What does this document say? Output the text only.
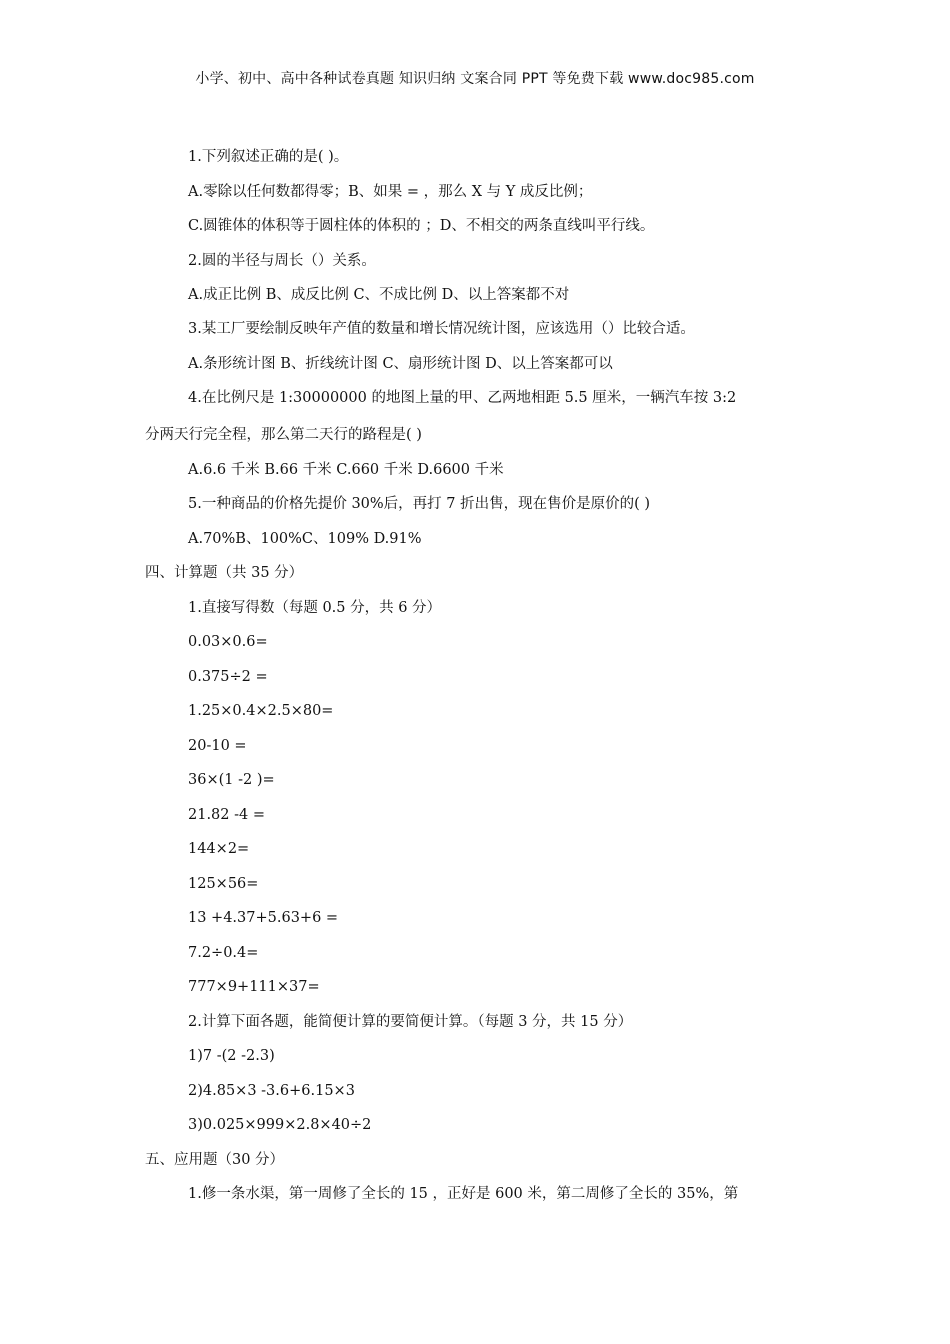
小学、初中、高中各种试卷真题 知识归纳 文案合同 PPT 等免费下载 www.doc985.com
1.下列叙述正确的是( )。
A.零除以任何数都得零；B、如果 = ，那么 X 与 Y 成反比例；
C.圆锥体的体积等于圆柱体的体积的 ；D、不相交的两条直线叫平行线。
2.圆的半径与周长（）关系。
A.成正比例 B、成反比例 C、不成比例 D、以上答案都不对
3.某工厂要绘制反映年产值的数量和增长情况统计图，应该选用（）比较合适。
A.条形统计图 B、折线统计图 C、扇形统计图 D、以上答案都可以
4.在比例尺是 1:30000000 的地图上量的甲、乙两地相距 5.5 厘米，一辆汽车按 3:2
分两天行完全程，那么第二天行的路程是( )
A.6.6 千米 B.66 千米 C.660 千米 D.6600 千米
5.一种商品的价格先提价 30%后，再打 7 折出售，现在售价是原价的( )
A.70%B、100%C、109% D.91%
四、计算题（共 35 分）
1.直接写得数（每题 0.5 分，共 6 分）
0.03×0.6=
0.375÷2 =
1.25×0.4×2.5×80=
20-10 =
36×(1 -2 )=
21.82 -4 =
144×2=
125×56=
13 +4.37+5.63+6 =
7.2÷0.4=
777×9+111×37=
2.计算下面各题，能简便计算的要简便计算。（每题 3 分，共 15 分）
1)7 -(2 -2.3)
2)4.85×3 -3.6+6.15×3
3)0.025×999×2.8×40÷2
五、应用题（30 分）
1.修一条水渠，第一周修了全长的 15 ，正好是 600 米，第二周修了全长的 35%，第
